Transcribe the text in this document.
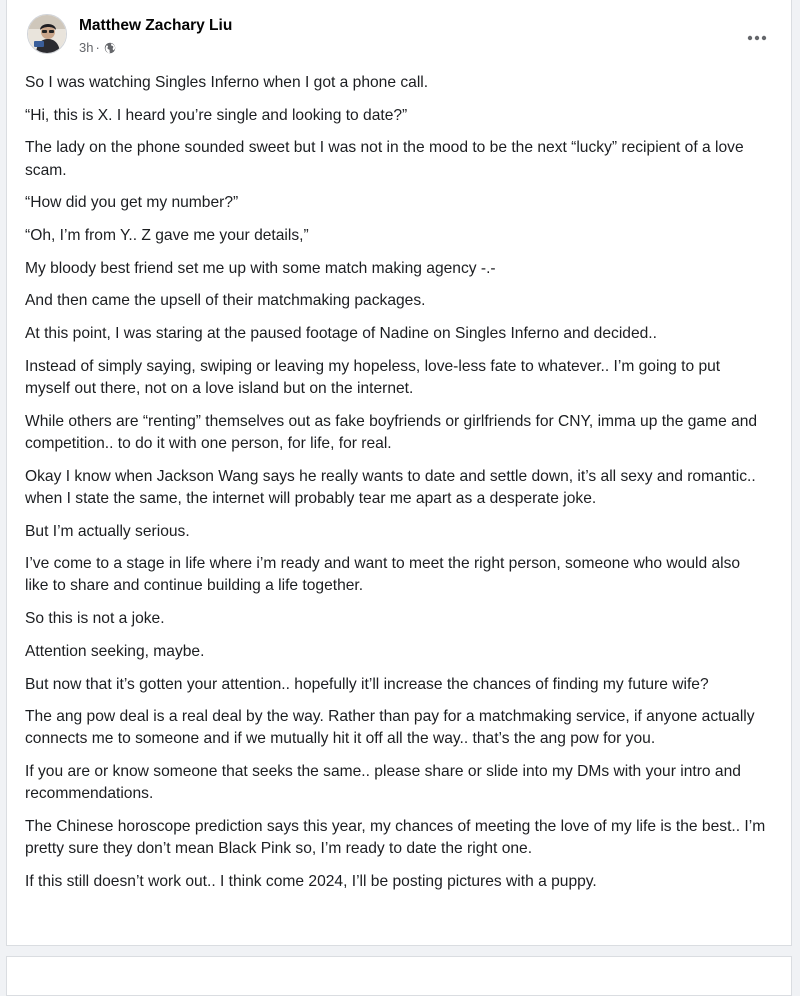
Matthew Zachary Liu
3h ·

So I was watching Singles Inferno when I got a phone call.

“Hi, this is X. I heard you’re single and looking to date?”

The lady on the phone sounded sweet but I was not in the mood to be the next “lucky” recipient of a love scam.

“How did you get my number?”

“Oh, I’m from Y.. Z gave me your details,”

My bloody best friend set me up with some match making agency -.-

And then came the upsell of their matchmaking packages.

At this point, I was staring at the paused footage of Nadine on Singles Inferno and decided..

Instead of simply saying, swiping or leaving my hopeless, love-less fate to whatever.. I’m going to put myself out there, not on a love island but on the internet.

While others are “renting” themselves out as fake boyfriends or girlfriends for CNY, imma up the game and competition.. to do it with one person, for life, for real.

Okay I know when Jackson Wang says he really wants to date and settle down, it’s all sexy and romantic.. when I state the same, the internet will probably tear me apart as a desperate joke.

But I’m actually serious.

I’ve come to a stage in life where i’m ready and want to meet the right person, someone who would also like to share and continue building a life together.

So this is not a joke.

Attention seeking, maybe.

But now that it’s gotten your attention.. hopefully it’ll increase the chances of finding my future wife?

The ang pow deal is a real deal by the way. Rather than pay for a matchmaking service, if anyone actually connects me to someone and if we mutually hit it off all the way.. that’s the ang pow for you.

If you are or know someone that seeks the same.. please share or slide into my DMs with your intro and recommendations.

The Chinese horoscope prediction says this year, my chances of meeting the love of my life is the best.. I’m pretty sure they don’t mean Black Pink so, I’m ready to date the right one.

If this still doesn’t work out.. I think come 2024, I’ll be posting pictures with a puppy.
